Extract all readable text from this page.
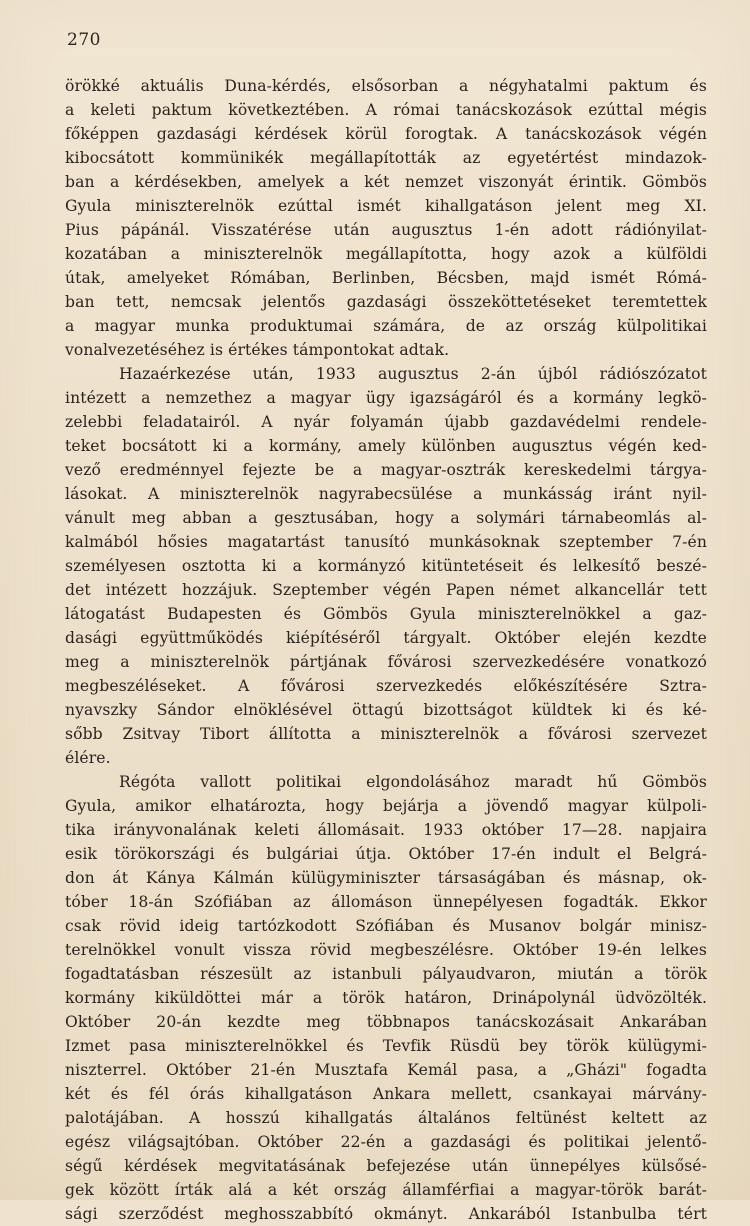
270
örökké aktuális Duna-kérdés, elsősorban a négyhatalmi paktum és
a keleti paktum következtében. A római tanácskozások ezúttal mégis
főképpen gazdasági kérdések körül forogtak. A tanácskozások végén
kibocsátott kommünikék megállapították az egyetértést mindazok-
ban a kérdésekben, amelyek a két nemzet viszonyát érintik. Gömbös
Gyula miniszterelnök ezúttal ismét kihallgatáson jelent meg XI.
Pius pápánál. Visszatérése után augusztus 1-én adott rádiónyilat-
kozatában a miniszterelnök megállapította, hogy azok a külföldi
útak, amelyeket Rómában, Berlinben, Bécsben, majd ismét Rómá-
ban tett, nemcsak jelentős gazdasági összeköttetéseket teremtettek
a magyar munka produktumai számára, de az ország külpolitikai
vonalvezetéséhez is értékes támpontokat adtak.
Hazaérkezése után, 1933 augusztus 2-án újból rádiószózatot
intézett a nemzethez a magyar ügy igazságáról és a kormány legkö-
zelebbi feladatairól. A nyár folyamán újabb gazdavédelmi rendele-
teket bocsátott ki a kormány, amely különben augusztus végén ked-
vező eredménnyel fejezte be a magyar-osztrák kereskedelmi tárgya-
lásokat. A miniszterelnök nagyrabecsülése a munkásság iránt nyil-
vánult meg abban a gesztusában, hogy a solymári tárnabeomlás al-
kalmából hősies magatartást tanusító munkásoknak szeptember 7-én
személyesen osztotta ki a kormányzó kitüntetéseit és lelkesítő beszé-
det intézett hozzájuk. Szeptember végén Papen német alkancellár tett
látogatást Budapesten és Gömbös Gyula miniszterelnökkel a gaz-
dasági együttműködés kiépítéséről tárgyalt. Október elején kezdte
meg a miniszterelnök pártjának fővárosi szervezkedésére vonatkozó
megbeszéléseket. A fővárosi szervezkedés előkészítésére Sztra-
nyavszky Sándor elnöklésével öttagú bizottságot küldtek ki és ké-
sőbb Zsitvay Tibort állította a miniszterelnök a fővárosi szervezet
élére.
Régóta vallott politikai elgondolásához maradt hű Gömbös
Gyula, amikor elhatározta, hogy bejárja a jövendő magyar külpoli-
tika irányvonalának keleti állomásait. 1933 október 17—28. napjaira
esik törökországi és bulgáriai útja. Október 17-én indult el Belgrá-
don át Kánya Kálmán külügyminiszter társaságában és másnap, ok-
tóber 18-án Szófiában az állomáson ünnepélyesen fogadták. Ekkor
csak rövid ideig tartózkodott Szófiában és Musanov bolgár minisz-
terelnökkel vonult vissza rövid megbeszélésre. Október 19-én lelkes
fogadtatásban részesült az istanbuli pályaudvaron, miután a török
kormány kiküldöttei már a török határon, Drinápolynál üdvözölték.
Október 20-án kezdte meg többnapos tanácskozásait Ankarában
Izmet pasa miniszterelnökkel és Tevfik Rüsdü bey török külügymi-
niszterrel. Október 21-én Musztafa Kemál pasa, a „Gházi" fogadta
két és fél órás kihallgatáson Ankara mellett, csankayai márvány-
palotájában. A hosszú kihallgatás általános feltünést keltett az
egész világsajtóban. Október 22-én a gazdasági és politikai jelentő-
ségű kérdések megvitatásának befejezése után ünnepélyes külsősé-
gek között írták alá a két ország államférfiai a magyar-török barát-
sági szerződést meghosszabbító okmányt. Ankarából Istanbulba tért
